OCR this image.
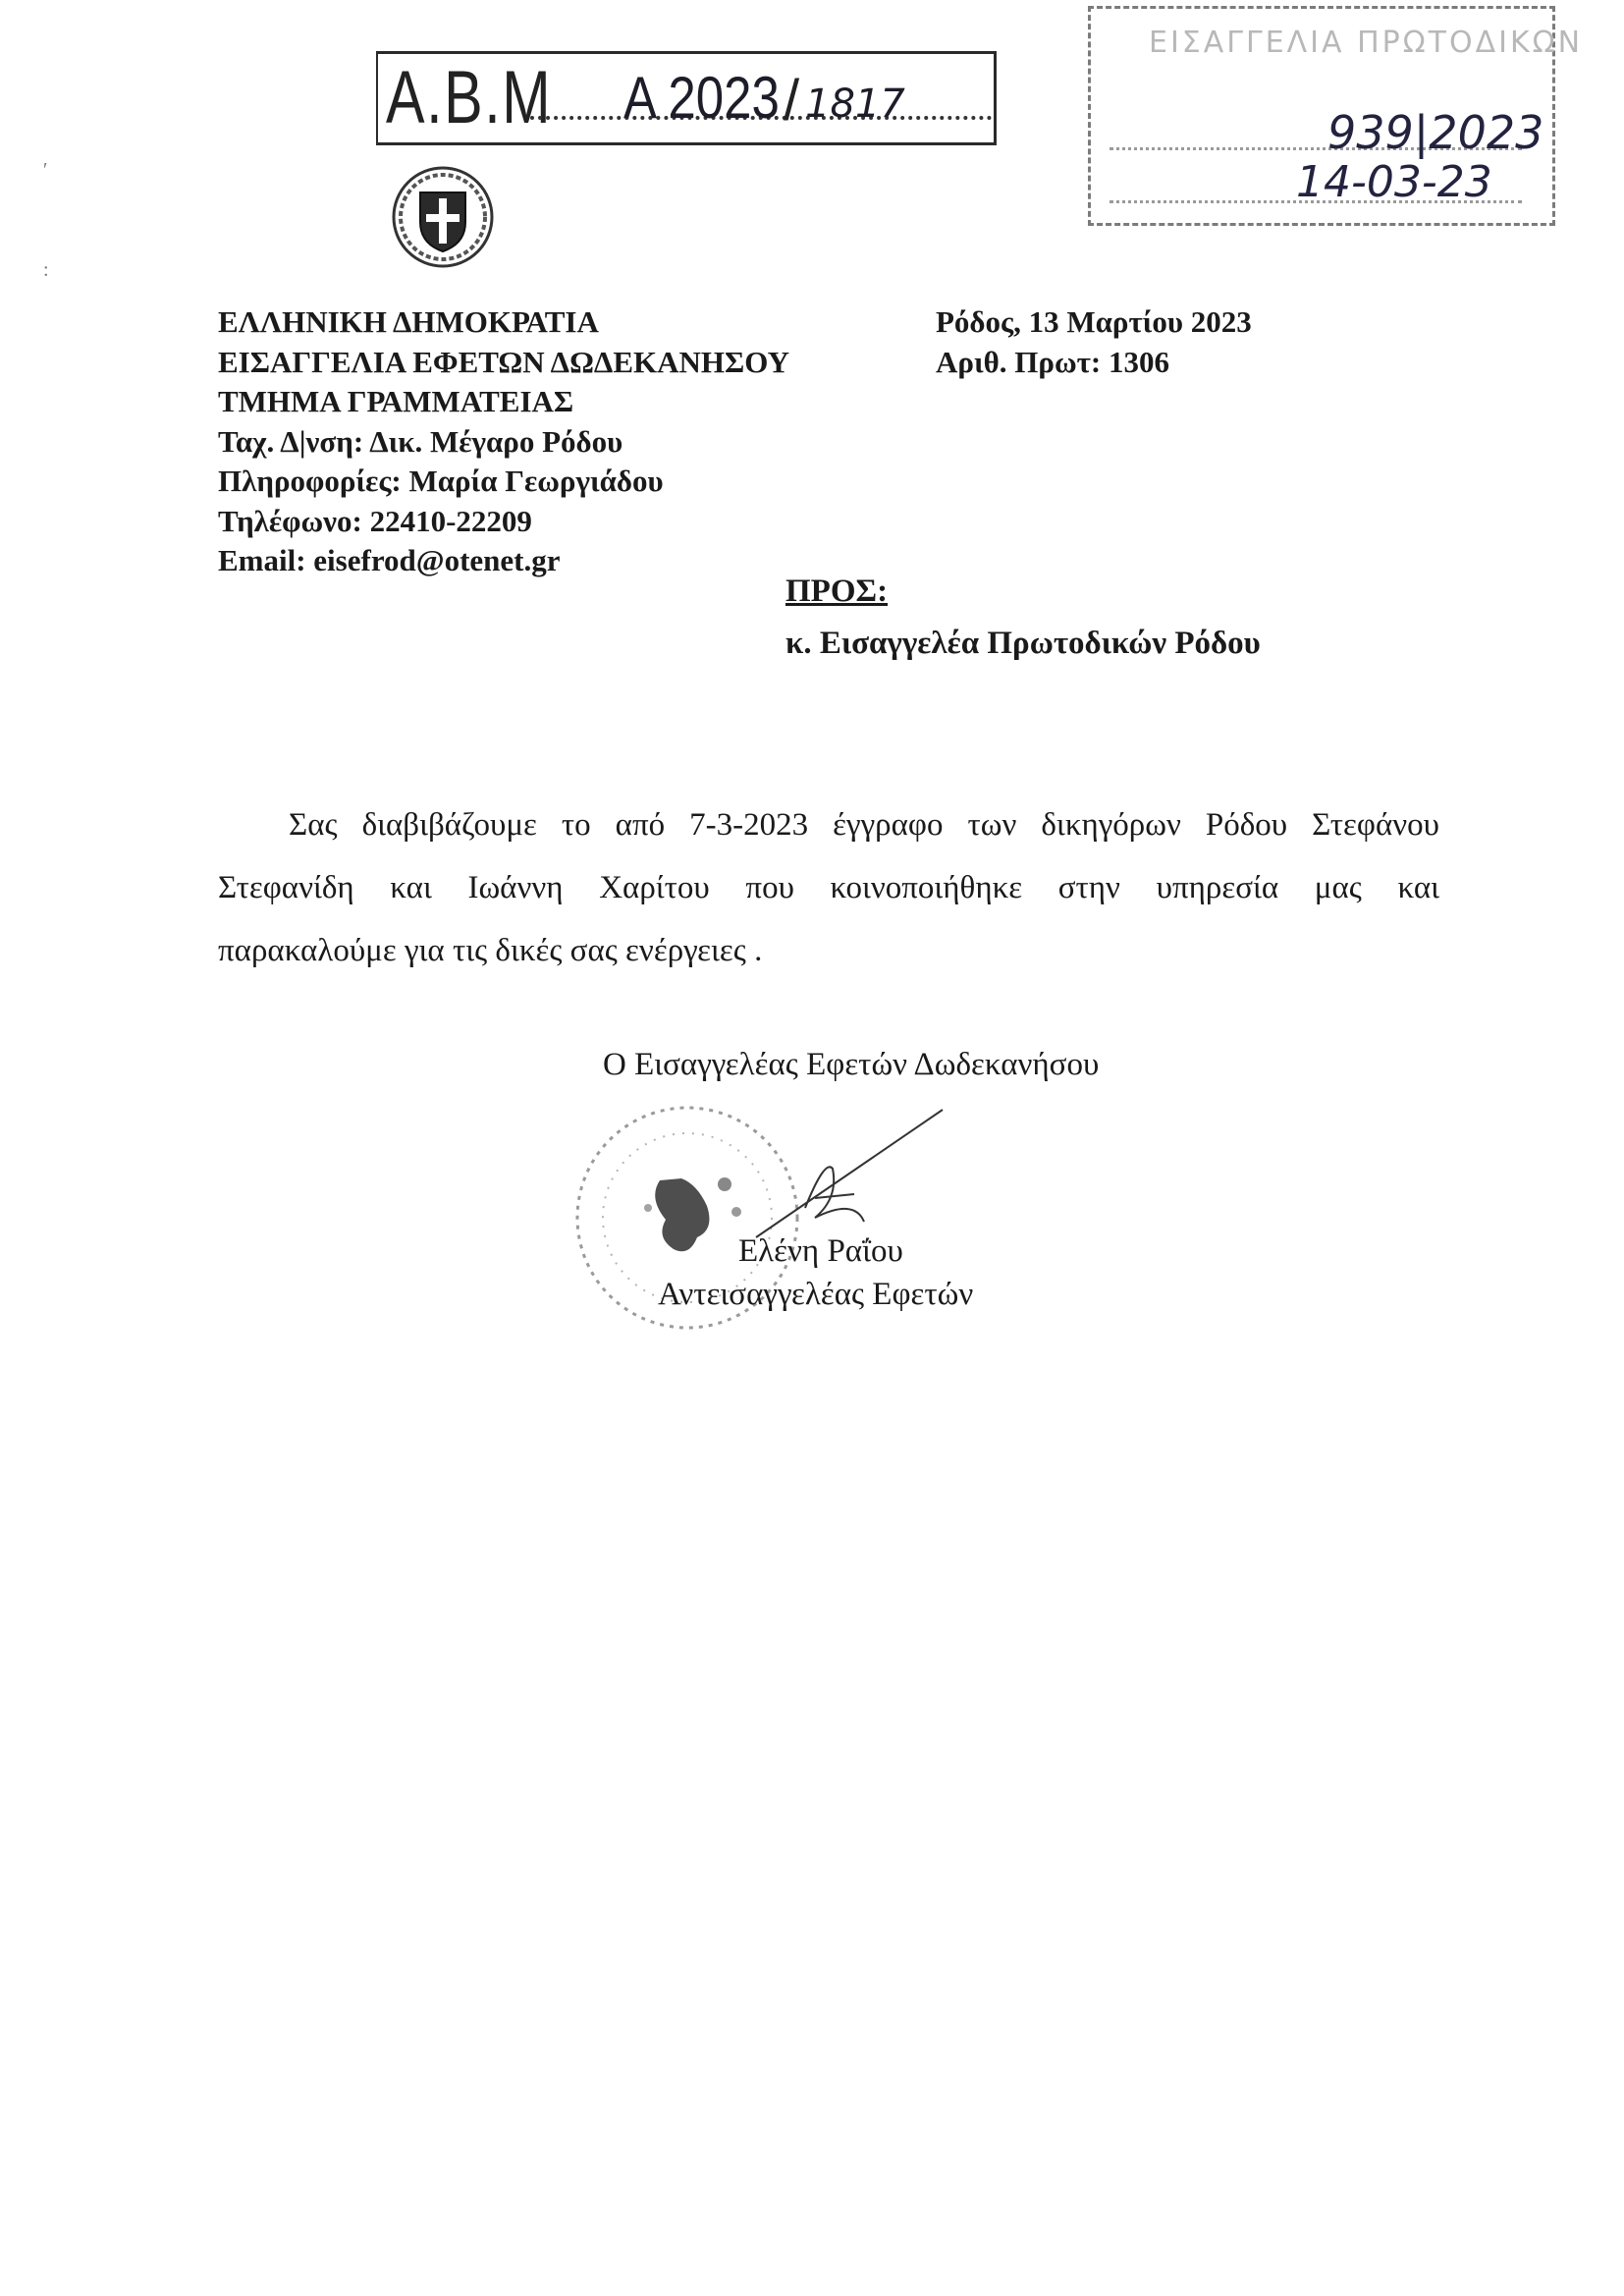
A.B.M A 2023 / 1817
ΕΙΣΑΓΓΕΛΙΑ ΠΡΩΤΟΔΙΚΩΝ
939|2023
14-03-23
′
:
ΕΛΛΗΝΙΚΗ ΔΗΜΟΚΡΑΤΙΑ
ΕΙΣΑΓΓΕΛΙΑ ΕΦΕΤΩΝ ΔΩΔΕΚΑΝΗΣΟΥ
ΤΜΗΜΑ ΓΡΑΜΜΑΤΕΙΑΣ
Ταχ. Δ|νση: Δικ. Μέγαρο Ρόδου
Πληροφορίες: Μαρία Γεωργιάδου
Τηλέφωνο: 22410-22209
Email: eisefrod@otenet.gr
Ρόδος, 13 Μαρτίου 2023
Αριθ. Πρωτ: 1306
ΠΡΟΣ:
κ. Εισαγγελέα Πρωτοδικών Ρόδου
Σας διαβιβάζουμε το από 7-3-2023 έγγραφο των δικηγόρων Ρόδου Στεφάνου
Στεφανίδη και Ιωάννη Χαρίτου που κοινοποιήθηκε στην υπηρεσία μας και
παρακαλούμε για τις δικές σας ενέργειες .
Ο Εισαγγελέας Εφετών Δωδεκανήσου
Ελένη Ραΐου
Αντεισαγγελέας Εφετών
